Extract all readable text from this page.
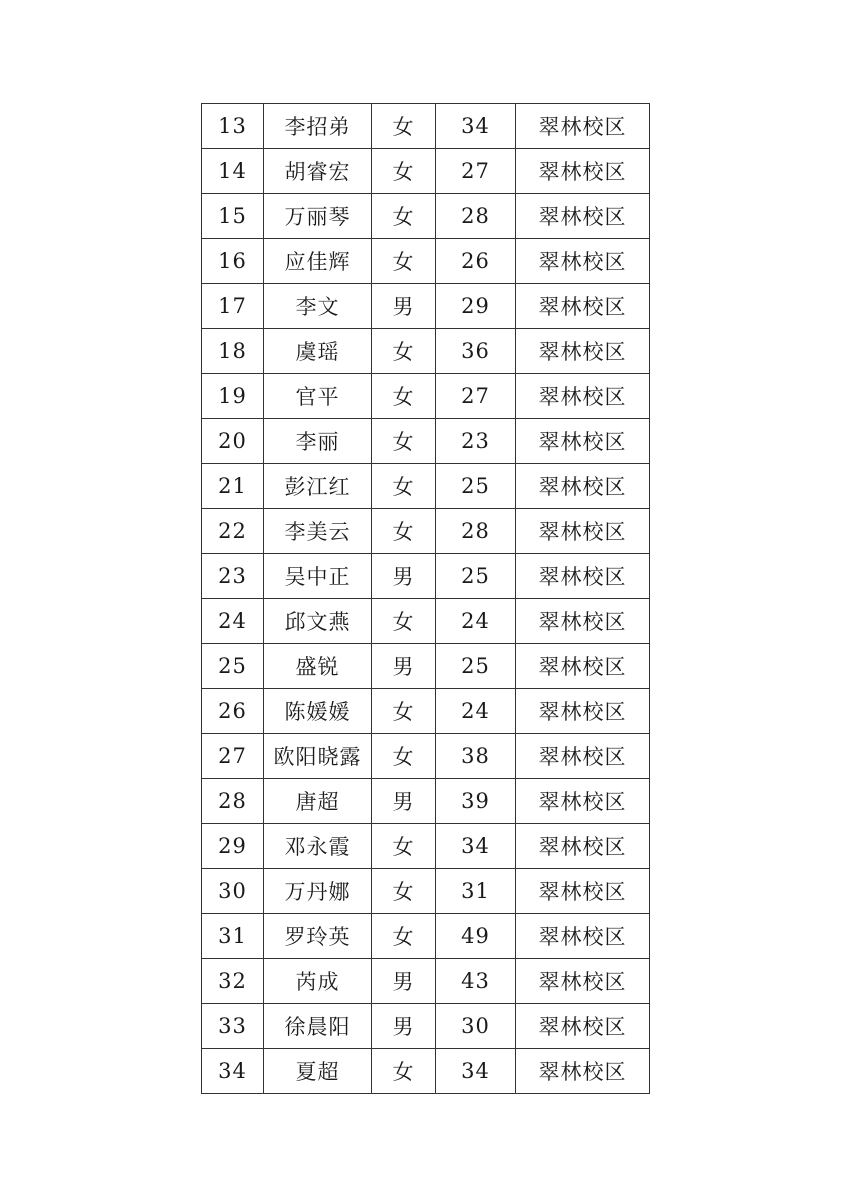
13	李招弟	女	34	翠林校区
14	胡睿宏	女	27	翠林校区
15	万丽琴	女	28	翠林校区
16	应佳辉	女	26	翠林校区
17	李文	男	29	翠林校区
18	虞瑶	女	36	翠林校区
19	官平	女	27	翠林校区
20	李丽	女	23	翠林校区
21	彭江红	女	25	翠林校区
22	李美云	女	28	翠林校区
23	吴中正	男	25	翠林校区
24	邱文燕	女	24	翠林校区
25	盛锐	男	25	翠林校区
26	陈媛媛	女	24	翠林校区
27	欧阳晓露	女	38	翠林校区
28	唐超	男	39	翠林校区
29	邓永霞	女	34	翠林校区
30	万丹娜	女	31	翠林校区
31	罗玲英	女	49	翠林校区
32	芮成	男	43	翠林校区
33	徐晨阳	男	30	翠林校区
34	夏超	女	34	翠林校区
